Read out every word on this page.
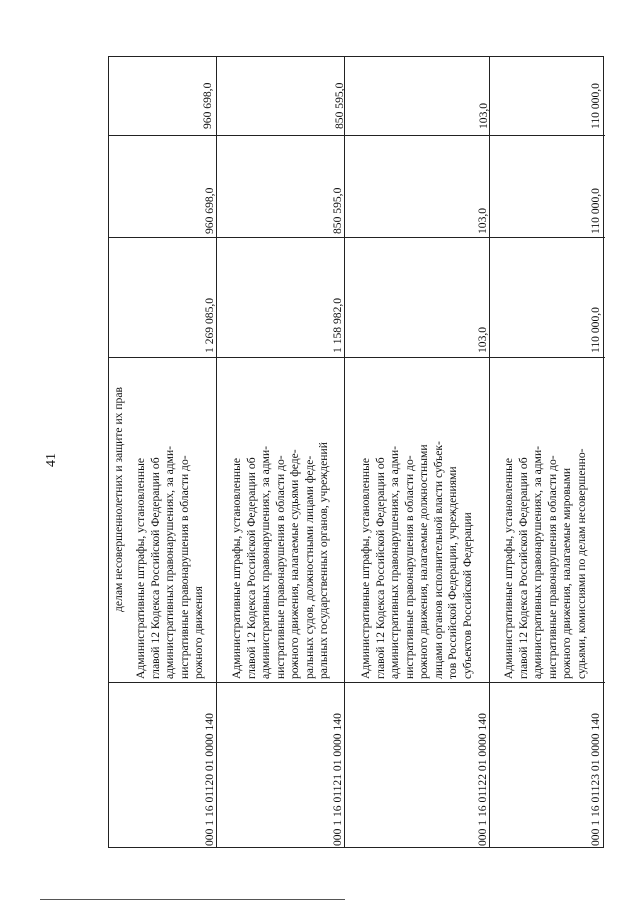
41	делам несовершеннолетних и защите их прав

960 698,0

000 1 16 01120 01 0000 140

Административные штрафы, установленные главой 12 Кодекса Российской Федерации об административных правонарушениях, за адми- нистративные правонарушения в области до- рожного движения

1 269 085,0

960 698,0

850 595,0

000 1 16 01121 01 0000 140

Административные штрафы, установленные главой 12 Кодекса Российской Федерации об административных правонарушениях, за адми- нистративные правонарушения в области до- рожного движения, налагаемые судьями феде- ральных судов, должностными лицами феде- ральных государственных органов, учреждений

1 158 982,0

850 595,0

103,0

000 1 16 01122 01 0000 140

Административные штрафы, установленные главой 12 Кодекса Российской Федерации об административных правонарушениях, за адми- нистративные правонарушения в области до- рожного движения, налагаемые должностными лицами органов исполнительной власти субъек- тов Российской Федерации, учреждениями субъектов Российской Федерации

103,0

103,0

110 000,0

000 1 16 01123 01 0000 140

Административные штрафы, установленные главой 12 Кодекса Российской Федерации об административных правонарушениях, за адми- нистративные правонарушения в области до- рожного движения, налагаемые мировыми судьями, комиссиями по делам несовершенно-

110 000,0

110 000,0
